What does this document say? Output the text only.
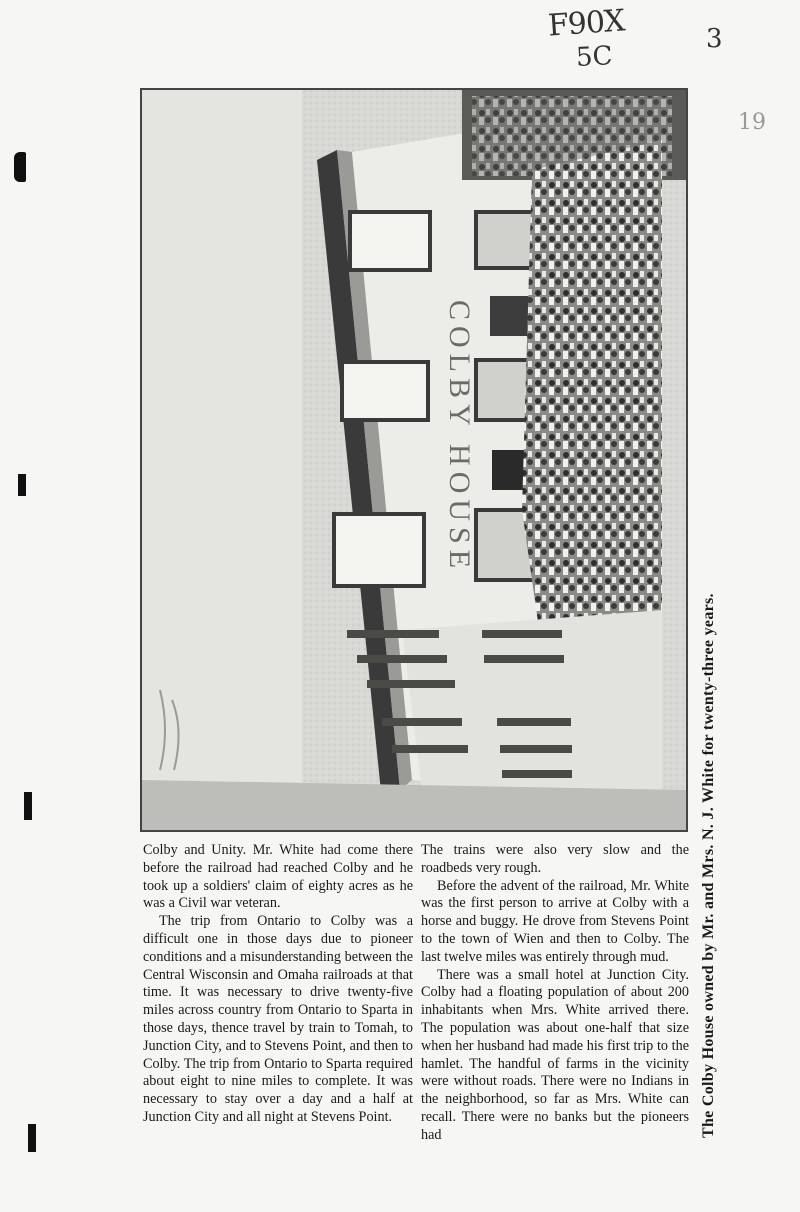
F90X
5C
3
19
COLBY HOUSE
The Colby House owned by Mr. and Mrs. N. J. White for twenty-three years.

Colby and Unity. Mr. White had come there before the railroad had reached Colby and he took up a soldiers' claim of eighty acres as he was a Civil war veteran.

The trip from Ontario to Colby was a difficult one in those days due to pioneer conditions and a misunderstanding between the Central Wisconsin and Omaha railroads at that time. It was necessary to drive twenty-five miles across country from Ontario to Sparta in those days, thence travel by train to Tomah, to Junction City, and to Stevens Point, and then to Colby. The trip from Ontario to Sparta required about eight to nine miles to complete. It was necessary to stay over a day and a half at Junction City and all night at Stevens Point.

The trains were also very slow and the roadbeds very rough.

Before the advent of the railroad, Mr. White was the first person to arrive at Colby with a horse and buggy. He drove from Stevens Point to the town of Wien and then to Colby. The last twelve miles was entirely through mud.

There was a small hotel at Junction City. Colby had a floating population of about 200 inhabitants when Mrs. White arrived there. The population was about one-half that size when her husband had made his first trip to the hamlet. The handful of farms in the vicinity were without roads. There were no Indians in the neighborhood, so far as Mrs. White can recall. There were no banks but the pioneers had
